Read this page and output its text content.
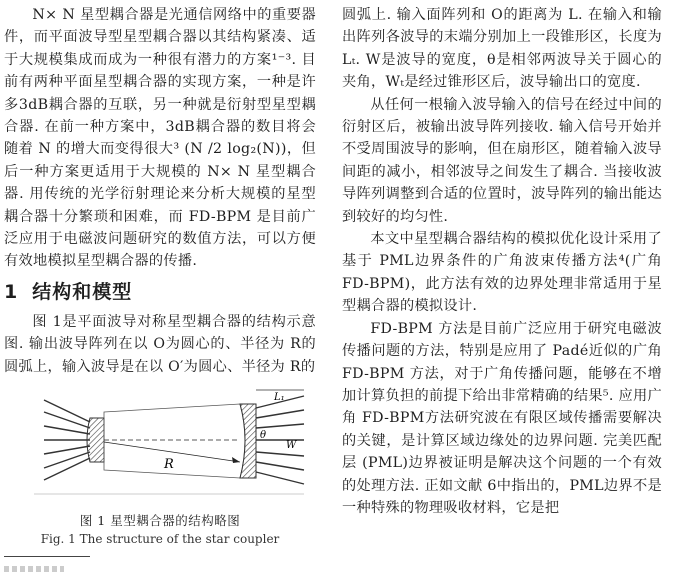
N× N 星型耦合器是光通信网络中的重要器件，而平面波导型星型耦合器以其结构紧凑、适于大规模集成而成为一种很有潜力的方案¹⁻³. 目前有两种平面星型耦合器的实现方案，一种是许多3dB耦合器的互联，另一种就是衍射型星型耦合器. 在前一种方案中，3dB耦合器的数目将会随着 N 的增大而变得很大³ (N /2 log₂(N))，但后一种方案更适用于大规模的 N× N 星型耦合器. 用传统的光学衍射理论来分析大规模的星型耦合器十分繁琐和困难，而 FD-BPM 是目前广泛应用于电磁波问题研究的数值方法，可以方便有效地模拟星型耦合器的传播.

1 结构和模型

图 1是平面波导对称星型耦合器的结构示意图. 输出波导阵列在以 O为圆心的、半径为 R的圆弧上，输入波导是在以 O′为圆心、半径为 R的

R
L₁
θ
W
图 1 星型耦合器的结构略图
Fig. 1 The structure of the star coupler

圆弧上. 输入面阵列和 O的距离为 L. 在输入和输出阵列各波导的末端分别加上一段锥形区，长度为 Lₜ. W是波导的宽度，θ是相邻两波导关于圆心的夹角，Wₜ是经过锥形区后，波导输出口的宽度.

从任何一根输入波导输入的信号在经过中间的衍射区后，被输出波导阵列接收. 输入信号开始并不受周围波导的影响，但在扇形区，随着输入波导间距的减小，相邻波导之间发生了耦合. 当接收波导阵列调整到合适的位置时，波导阵列的输出能达到较好的均匀性.

本文中星型耦合器结构的模拟优化设计采用了基于 PML边界条件的广角波束传播方法⁴(广角 FD-BPM)，此方法有效的边界处理非常适用于星型耦合器的模拟设计.

FD-BPM 方法是目前广泛应用于研究电磁波传播问题的方法，特别是应用了 Padé近似的广角 FD-BPM 方法，对于广角传播问题，能够在不增加计算负担的前提下给出非常精确的结果⁵. 应用广角 FD-BPM方法研究波在有限区域传播需要解决的关键，是计算区域边缘处的边界问题. 完美匹配层 (PML)边界被证明是解决这个问题的一个有效的处理方法. 正如文献 6中指出的，PML边界不是一种特殊的物理吸收材料，它是把
